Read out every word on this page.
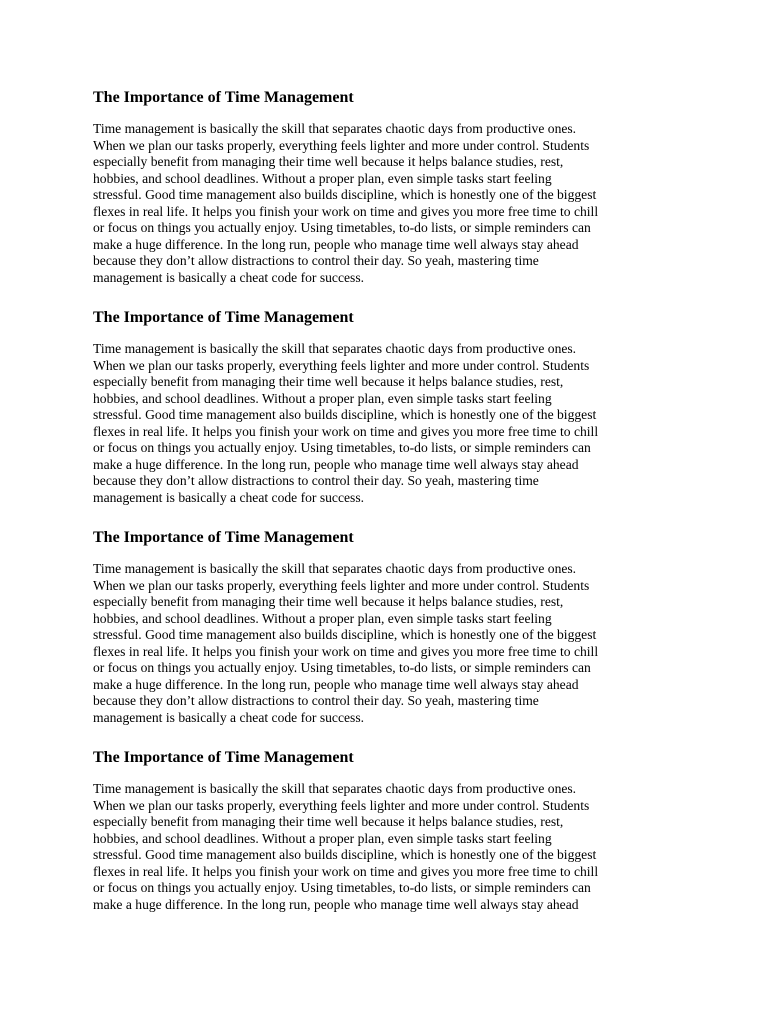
The Importance of Time Management
Time management is basically the skill that separates chaotic days from productive ones.
When we plan our tasks properly, everything feels lighter and more under control. Students
especially benefit from managing their time well because it helps balance studies, rest,
hobbies, and school deadlines. Without a proper plan, even simple tasks start feeling
stressful. Good time management also builds discipline, which is honestly one of the biggest
flexes in real life. It helps you finish your work on time and gives you more free time to chill
or focus on things you actually enjoy. Using timetables, to-do lists, or simple reminders can
make a huge difference. In the long run, people who manage time well always stay ahead
because they don’t allow distractions to control their day. So yeah, mastering time
management is basically a cheat code for success.
The Importance of Time Management
Time management is basically the skill that separates chaotic days from productive ones.
When we plan our tasks properly, everything feels lighter and more under control. Students
especially benefit from managing their time well because it helps balance studies, rest,
hobbies, and school deadlines. Without a proper plan, even simple tasks start feeling
stressful. Good time management also builds discipline, which is honestly one of the biggest
flexes in real life. It helps you finish your work on time and gives you more free time to chill
or focus on things you actually enjoy. Using timetables, to-do lists, or simple reminders can
make a huge difference. In the long run, people who manage time well always stay ahead
because they don’t allow distractions to control their day. So yeah, mastering time
management is basically a cheat code for success.
The Importance of Time Management
Time management is basically the skill that separates chaotic days from productive ones.
When we plan our tasks properly, everything feels lighter and more under control. Students
especially benefit from managing their time well because it helps balance studies, rest,
hobbies, and school deadlines. Without a proper plan, even simple tasks start feeling
stressful. Good time management also builds discipline, which is honestly one of the biggest
flexes in real life. It helps you finish your work on time and gives you more free time to chill
or focus on things you actually enjoy. Using timetables, to-do lists, or simple reminders can
make a huge difference. In the long run, people who manage time well always stay ahead
because they don’t allow distractions to control their day. So yeah, mastering time
management is basically a cheat code for success.
The Importance of Time Management
Time management is basically the skill that separates chaotic days from productive ones.
When we plan our tasks properly, everything feels lighter and more under control. Students
especially benefit from managing their time well because it helps balance studies, rest,
hobbies, and school deadlines. Without a proper plan, even simple tasks start feeling
stressful. Good time management also builds discipline, which is honestly one of the biggest
flexes in real life. It helps you finish your work on time and gives you more free time to chill
or focus on things you actually enjoy. Using timetables, to-do lists, or simple reminders can
make a huge difference. In the long run, people who manage time well always stay ahead
